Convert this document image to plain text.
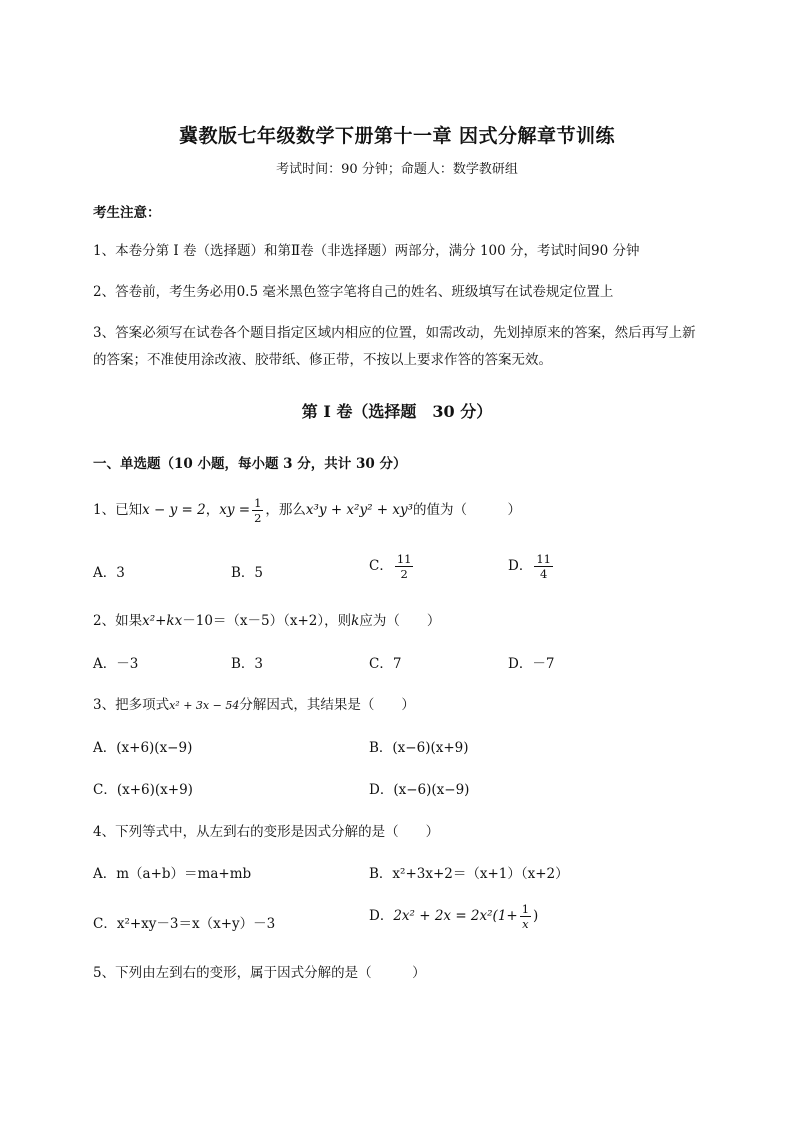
冀教版七年级数学下册第十一章 因式分解章节训练
考试时间：90 分钟；命题人：数学教研组
考生注意：
1、本卷分第 I 卷（选择题）和第Ⅱ卷（非选择题）两部分，满分 100 分，考试时间90 分钟
2、答卷前，考生务必用0.5 毫米黑色签字笔将自己的姓名、班级填写在试卷规定位置上
3、答案必须写在试卷各个题目指定区域内相应的位置，如需改动，先划掉原来的答案，然后再写上新的答案；不准使用涂改液、胶带纸、修正带，不按以上要求作答的答案无效。
第 I 卷（选择题　30 分）
一、单选题（10 小题，每小题 3 分，共计 30 分）
1、已知x − y = 2，xy = $\frac{1}{2}$ ，那么x³y + x²y² + xy³的值为（　　　）
A．3	B．5	C． $\frac{11}{2}$	D． $\frac{11}{4}$
2、如果x²+kx－10＝（x－5）（x+2），则k应为（　　）
A．－3	B．3	C．7	D．－7
3、把多项式x² + 3x − 54分解因式，其结果是（　　）
A．(x+6)(x−9)	B．(x−6)(x+9)
C．(x+6)(x+9)	D．(x−6)(x−9)
4、下列等式中，从左到右的变形是因式分解的是（　　）
A．m（a+b）＝ma+mb	B．x²+3x+2＝（x+1）（x+2）
C．x²+xy－3＝x（x+y）－3	D．$2x^2 + 2x = 2x^2(1+ \frac{1}{x}$ )
5、下列由左到右的变形，属于因式分解的是（　　　）
